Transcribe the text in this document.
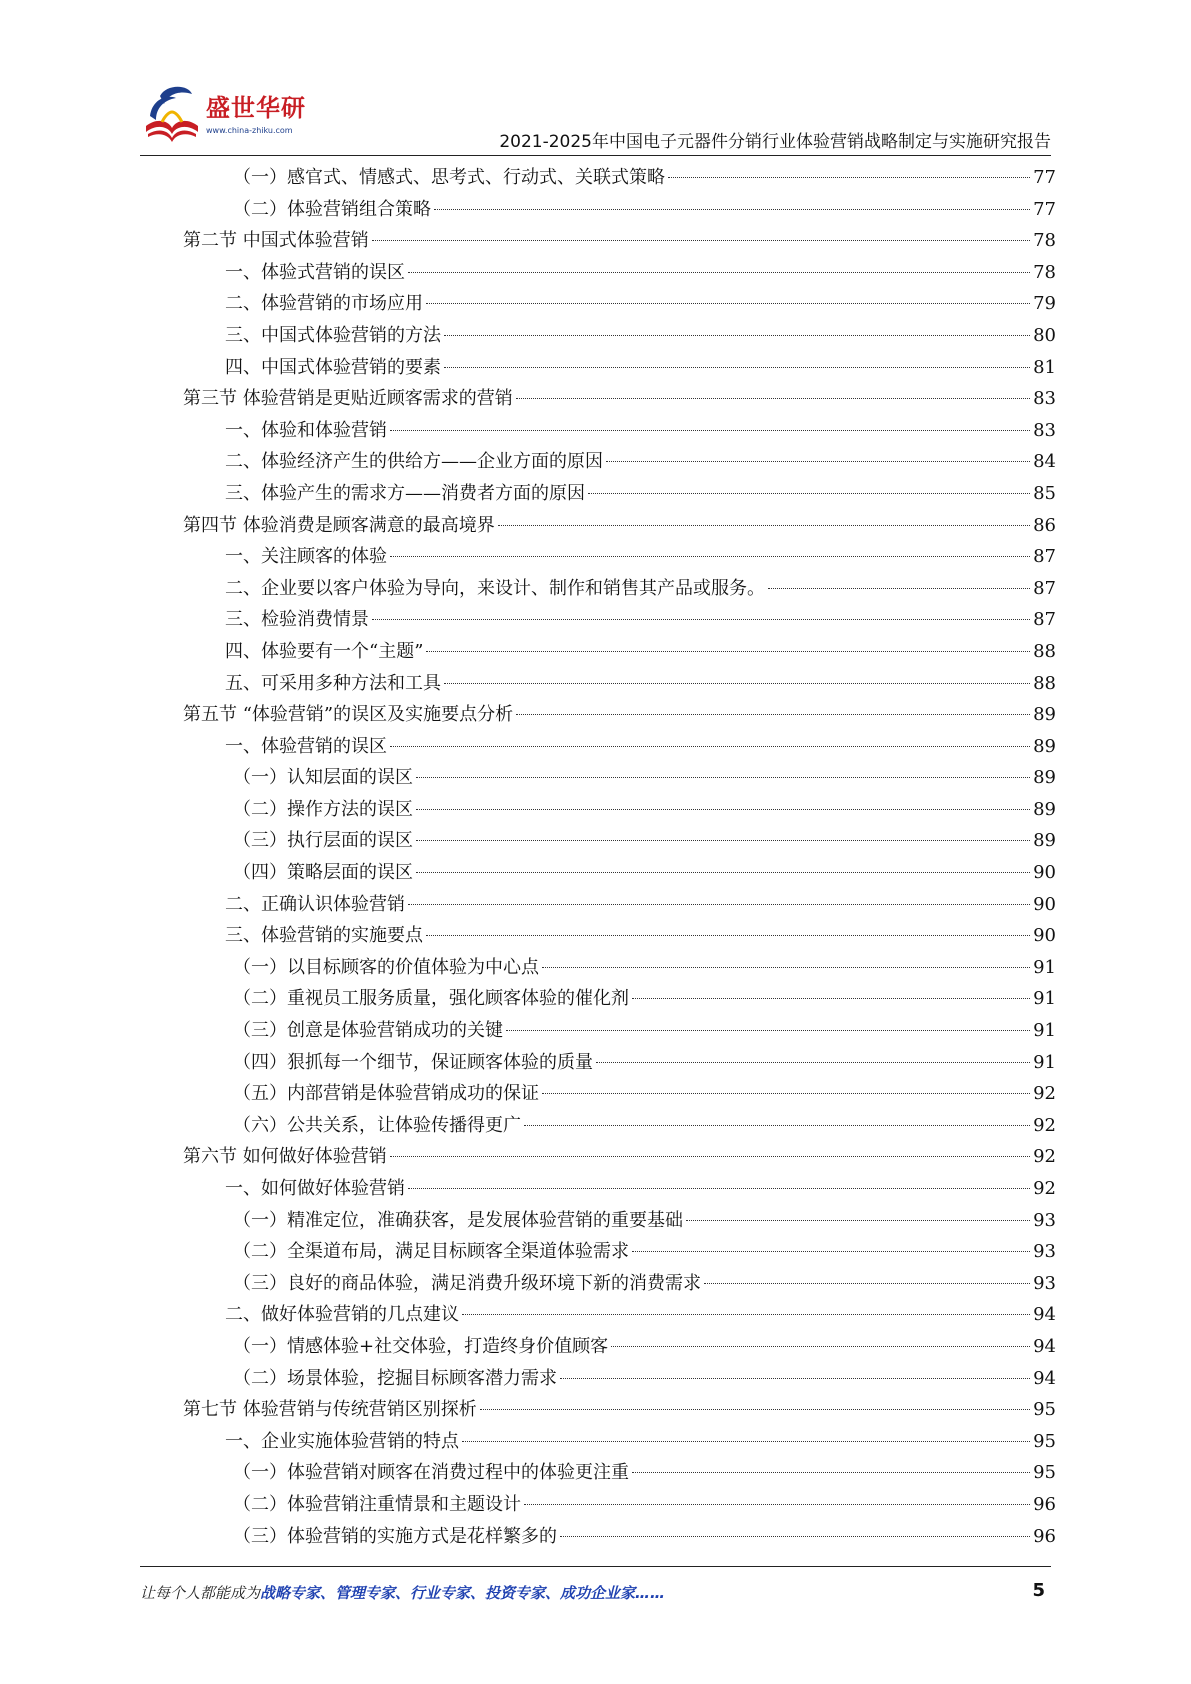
盛世华研
www.china-zhiku.com
2021-2025年中国电子元器件分销行业体验营销战略制定与实施研究报告
（一）感官式、情感式、思考式、行动式、关联式策略	77
（二）体验营销组合策略	77
第二节 中国式体验营销	78
一、体验式营销的误区	78
二、体验营销的市场应用	79
三、中国式体验营销的方法	80
四、中国式体验营销的要素	81
第三节 体验营销是更贴近顾客需求的营销	83
一、体验和体验营销	83
二、体验经济产生的供给方——企业方面的原因	84
三、体验产生的需求方——消费者方面的原因	85
第四节 体验消费是顾客满意的最高境界	86
一、关注顾客的体验	87
二、企业要以客户体验为导向，来设计、制作和销售其产品或服务。	87
三、检验消费情景	87
四、体验要有一个“主题”	88
五、可采用多种方法和工具	88
第五节 “体验营销”的误区及实施要点分析	89
一、体验营销的误区	89
（一）认知层面的误区	89
（二）操作方法的误区	89
（三）执行层面的误区	89
（四）策略层面的误区	90
二、正确认识体验营销	90
三、体验营销的实施要点	90
（一）以目标顾客的价值体验为中心点	91
（二）重视员工服务质量，强化顾客体验的催化剂	91
（三）创意是体验营销成功的关键	91
（四）狠抓每一个细节，保证顾客体验的质量	91
（五）内部营销是体验营销成功的保证	92
（六）公共关系，让体验传播得更广	92
第六节 如何做好体验营销	92
一、如何做好体验营销	92
（一）精准定位，准确获客，是发展体验营销的重要基础	93
（二）全渠道布局，满足目标顾客全渠道体验需求	93
（三）良好的商品体验，满足消费升级环境下新的消费需求	93
二、做好体验营销的几点建议	94
（一）情感体验+社交体验，打造终身价值顾客	94
（二）场景体验，挖掘目标顾客潜力需求	94
第七节 体验营销与传统营销区别探析	95
一、企业实施体验营销的特点	95
（一）体验营销对顾客在消费过程中的体验更注重	95
（二）体验营销注重情景和主题设计	96
（三）体验营销的实施方式是花样繁多的	96
让每个人都能成为战略专家、管理专家、行业专家、投资专家、成功企业家……	5
